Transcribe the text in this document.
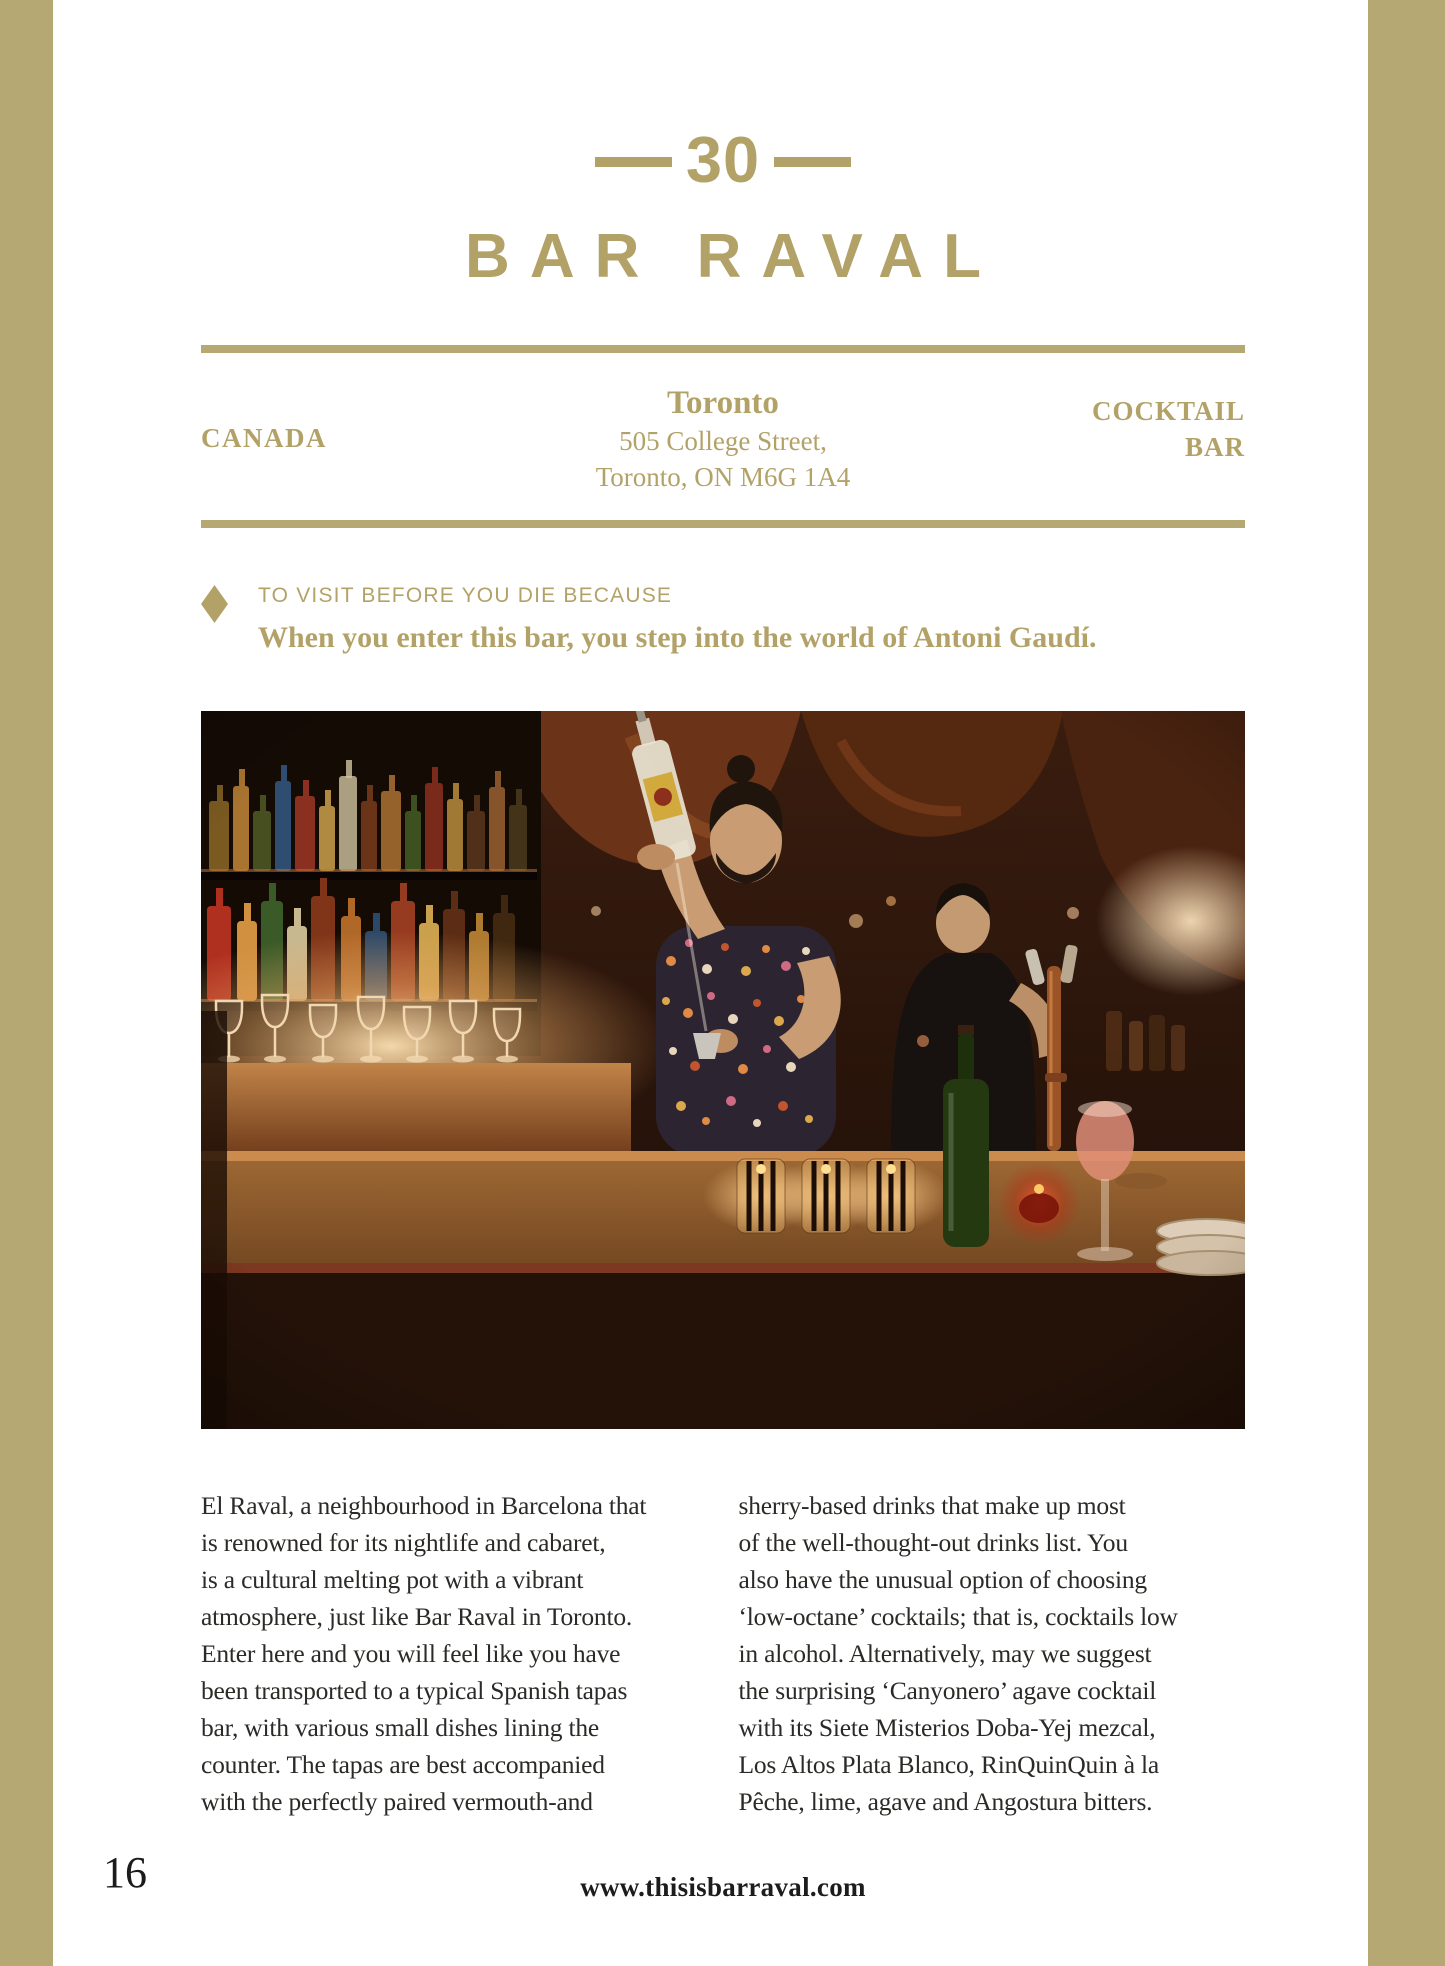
30
BAR RAVAL
CANADA
Toronto
505 College Street,
Toronto, ON M6G 1A4
COCKTAIL
BAR
TO VISIT BEFORE YOU DIE BECAUSE
When you enter this bar, you step into the world of Antoni Gaudí.
El Raval, a neighbourhood in Barcelona that
is renowned for its nightlife and cabaret,
is a cultural melting pot with a vibrant
atmosphere, just like Bar Raval in Toronto.
Enter here and you will feel like you have
been transported to a typical Spanish tapas
bar, with various small dishes lining the
counter. The tapas are best accompanied
with the perfectly paired vermouth-and
sherry-based drinks that make up most
of the well-thought-out drinks list. You
also have the unusual option of choosing
‘low-octane’ cocktails; that is, cocktails low
in alcohol. Alternatively, may we suggest
the surprising ‘Canyonero’ agave cocktail
with its Siete Misterios Doba-Yej mezcal,
Los Altos Plata Blanco, RinQuinQuin à la
Pêche, lime, agave and Angostura bitters.
16	www.thisisbarraval.com
